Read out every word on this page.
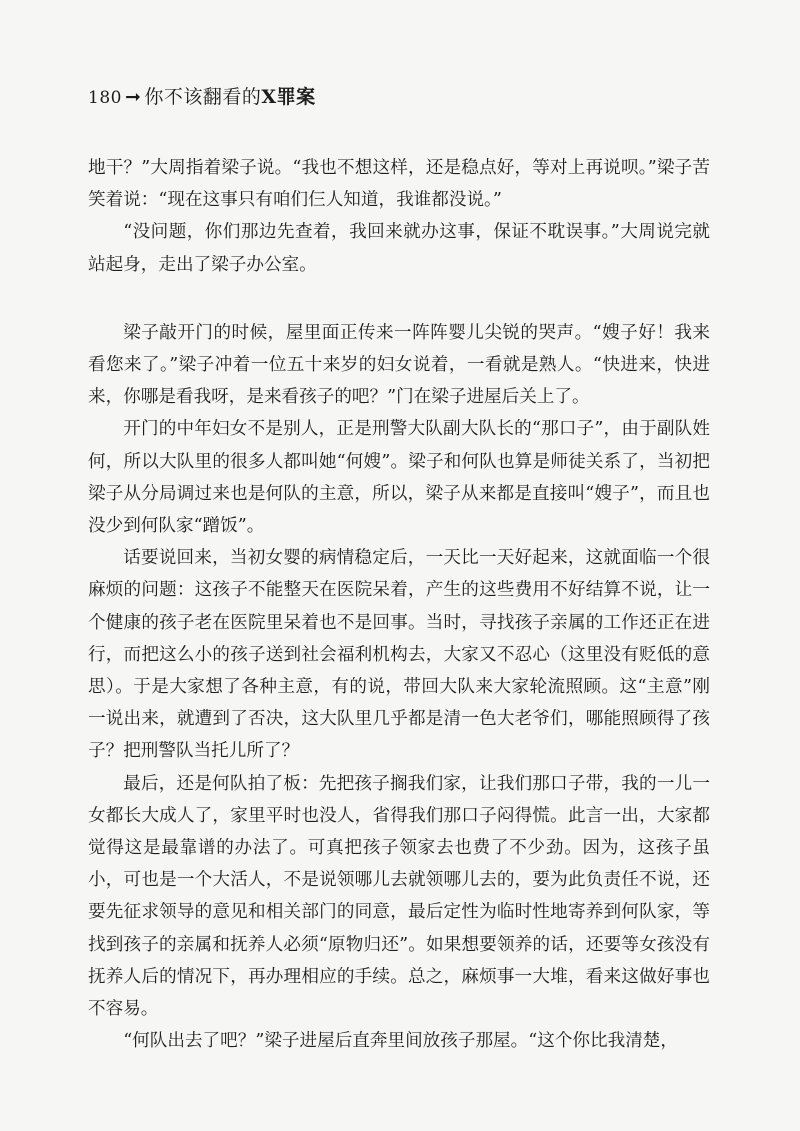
180 ➞ 你不该翻看的X罪案

地干？”大周指着梁子说。“我也不想这样，还是稳点好，等对上再说呗。”梁子苦笑着说：“现在这事只有咱们仨人知道，我谁都没说。”

“没问题，你们那边先查着，我回来就办这事，保证不耽误事。”大周说完就站起身，走出了梁子办公室。

梁子敲开门的时候，屋里面正传来一阵阵婴儿尖锐的哭声。“嫂子好！我来看您来了。”梁子冲着一位五十来岁的妇女说着，一看就是熟人。“快进来，快进来，你哪是看我呀，是来看孩子的吧？”门在梁子进屋后关上了。

开门的中年妇女不是别人，正是刑警大队副大队长的“那口子”，由于副队姓何，所以大队里的很多人都叫她“何嫂”。梁子和何队也算是师徒关系了，当初把梁子从分局调过来也是何队的主意，所以，梁子从来都是直接叫“嫂子”，而且也没少到何队家“蹭饭”。

话要说回来，当初女婴的病情稳定后，一天比一天好起来，这就面临一个很麻烦的问题：这孩子不能整天在医院呆着，产生的这些费用不好结算不说，让一个健康的孩子老在医院里呆着也不是回事。当时，寻找孩子亲属的工作还正在进行，而把这么小的孩子送到社会福利机构去，大家又不忍心（这里没有贬低的意思）。于是大家想了各种主意，有的说，带回大队来大家轮流照顾。这“主意”刚一说出来，就遭到了否决，这大队里几乎都是清一色大老爷们，哪能照顾得了孩子？把刑警队当托儿所了？

最后，还是何队拍了板：先把孩子搁我们家，让我们那口子带，我的一儿一女都长大成人了，家里平时也没人，省得我们那口子闷得慌。此言一出，大家都觉得这是最靠谱的办法了。可真把孩子领家去也费了不少劲。因为，这孩子虽小，可也是一个大活人，不是说领哪儿去就领哪儿去的，要为此负责任不说，还要先征求领导的意见和相关部门的同意，最后定性为临时性地寄养到何队家，等找到孩子的亲属和抚养人必须“原物归还”。如果想要领养的话，还要等女孩没有抚养人后的情况下，再办理相应的手续。总之，麻烦事一大堆，看来这做好事也不容易。

“何队出去了吧？”梁子进屋后直奔里间放孩子那屋。“这个你比我清楚，
